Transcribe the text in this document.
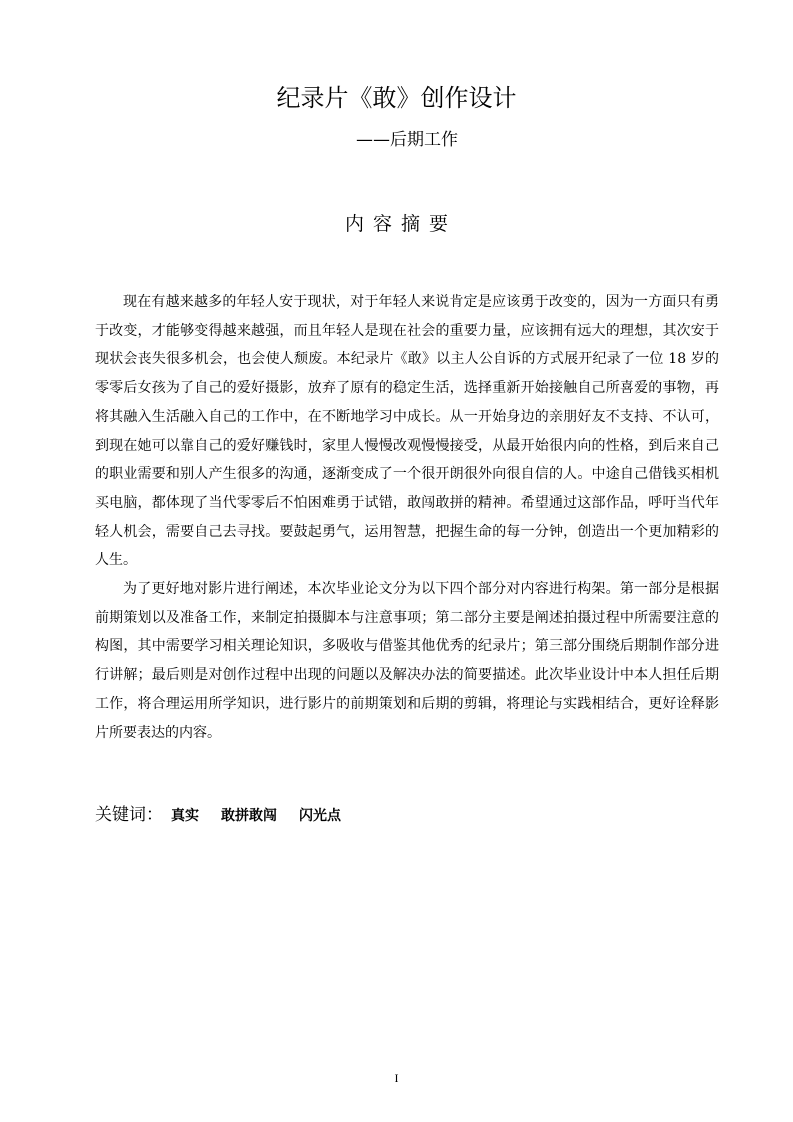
纪录片《敢》创作设计
——后期工作
内容摘要

现在有越来越多的年轻人安于现状，对于年轻人来说肯定是应该勇于改变的，因为一方面只有勇于改变，才能够变得越来越强，而且年轻人是现在社会的重要力量，应该拥有远大的理想，其次安于现状会丧失很多机会，也会使人颓废。本纪录片《敢》以主人公自诉的方式展开纪录了一位 18 岁的零零后女孩为了自己的爱好摄影，放弃了原有的稳定生活，选择重新开始接触自己所喜爱的事物，再将其融入生活融入自己的工作中，在不断地学习中成长。从一开始身边的亲朋好友不支持、不认可，到现在她可以靠自己的爱好赚钱时，家里人慢慢改观慢慢接受，从最开始很内向的性格，到后来自己的职业需要和别人产生很多的沟通，逐渐变成了一个很开朗很外向很自信的人。中途自己借钱买相机买电脑，都体现了当代零零后不怕困难勇于试错，敢闯敢拼的精神。希望通过这部作品，呼吁当代年轻人机会，需要自己去寻找。要鼓起勇气，运用智慧，把握生命的每一分钟，创造出一个更加精彩的人生。

为了更好地对影片进行阐述，本次毕业论文分为以下四个部分对内容进行构架。第一部分是根据前期策划以及准备工作，来制定拍摄脚本与注意事项；第二部分主要是阐述拍摄过程中所需要注意的构图，其中需要学习相关理论知识，多吸收与借鉴其他优秀的纪录片；第三部分围绕后期制作部分进行讲解；最后则是对创作过程中出现的问题以及解决办法的简要描述。此次毕业设计中本人担任后期工作，将合理运用所学知识，进行影片的前期策划和后期的剪辑，将理论与实践相结合，更好诠释影片所要表达的内容。

关键词： 真实 敢拼敢闯 闪光点
I
